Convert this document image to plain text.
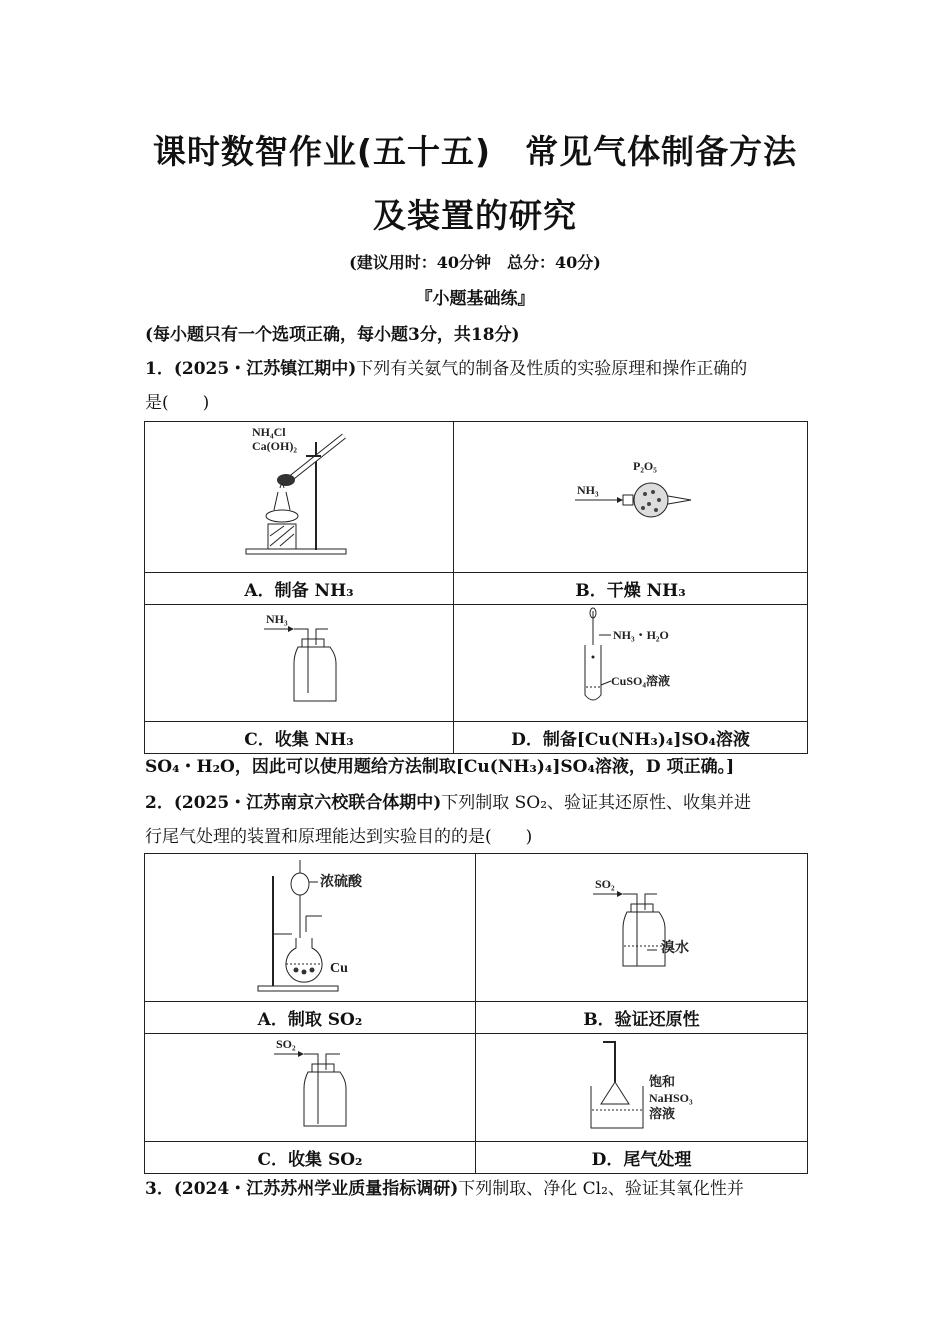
课时数智作业(五十五)　常见气体制备方法
及装置的研究
(建议用时：40分钟　总分：40分)
『小题基础练』
(每小题只有一个选项正确，每小题3分，共18分)
1．(2025・江苏镇江期中)下列有关氨气的制备及性质的实验原理和操作正确的
是(　　)
NH₄Cl
Ca(OH)₂	P₂O₅
NH₃

A．制备 NH₃	B．干燥 NH₃

NH₃	NH₃・H₂O
CuSO₄溶液

C．收集 NH₃	D．制备[Cu(NH₃)₄]SO₄溶液
SO₄・H₂O，因此可以使用题给方法制取[Cu(NH₃)₄]SO₄溶液，D 项正确。]
2．(2025・江苏南京六校联合体期中)下列制取 SO₂、验证其还原性、收集并进
行尾气处理的装置和原理能达到实验目的的是(　　)
浓硫酸
Cu	SO₂
溴水

A．制取 SO₂	B．验证还原性

SO₂	饱和
NaHSO₃
溶液

C．收集 SO₂	D．尾气处理
3．(2024・江苏苏州学业质量指标调研)下列制取、净化 Cl₂、验证其氧化性并
